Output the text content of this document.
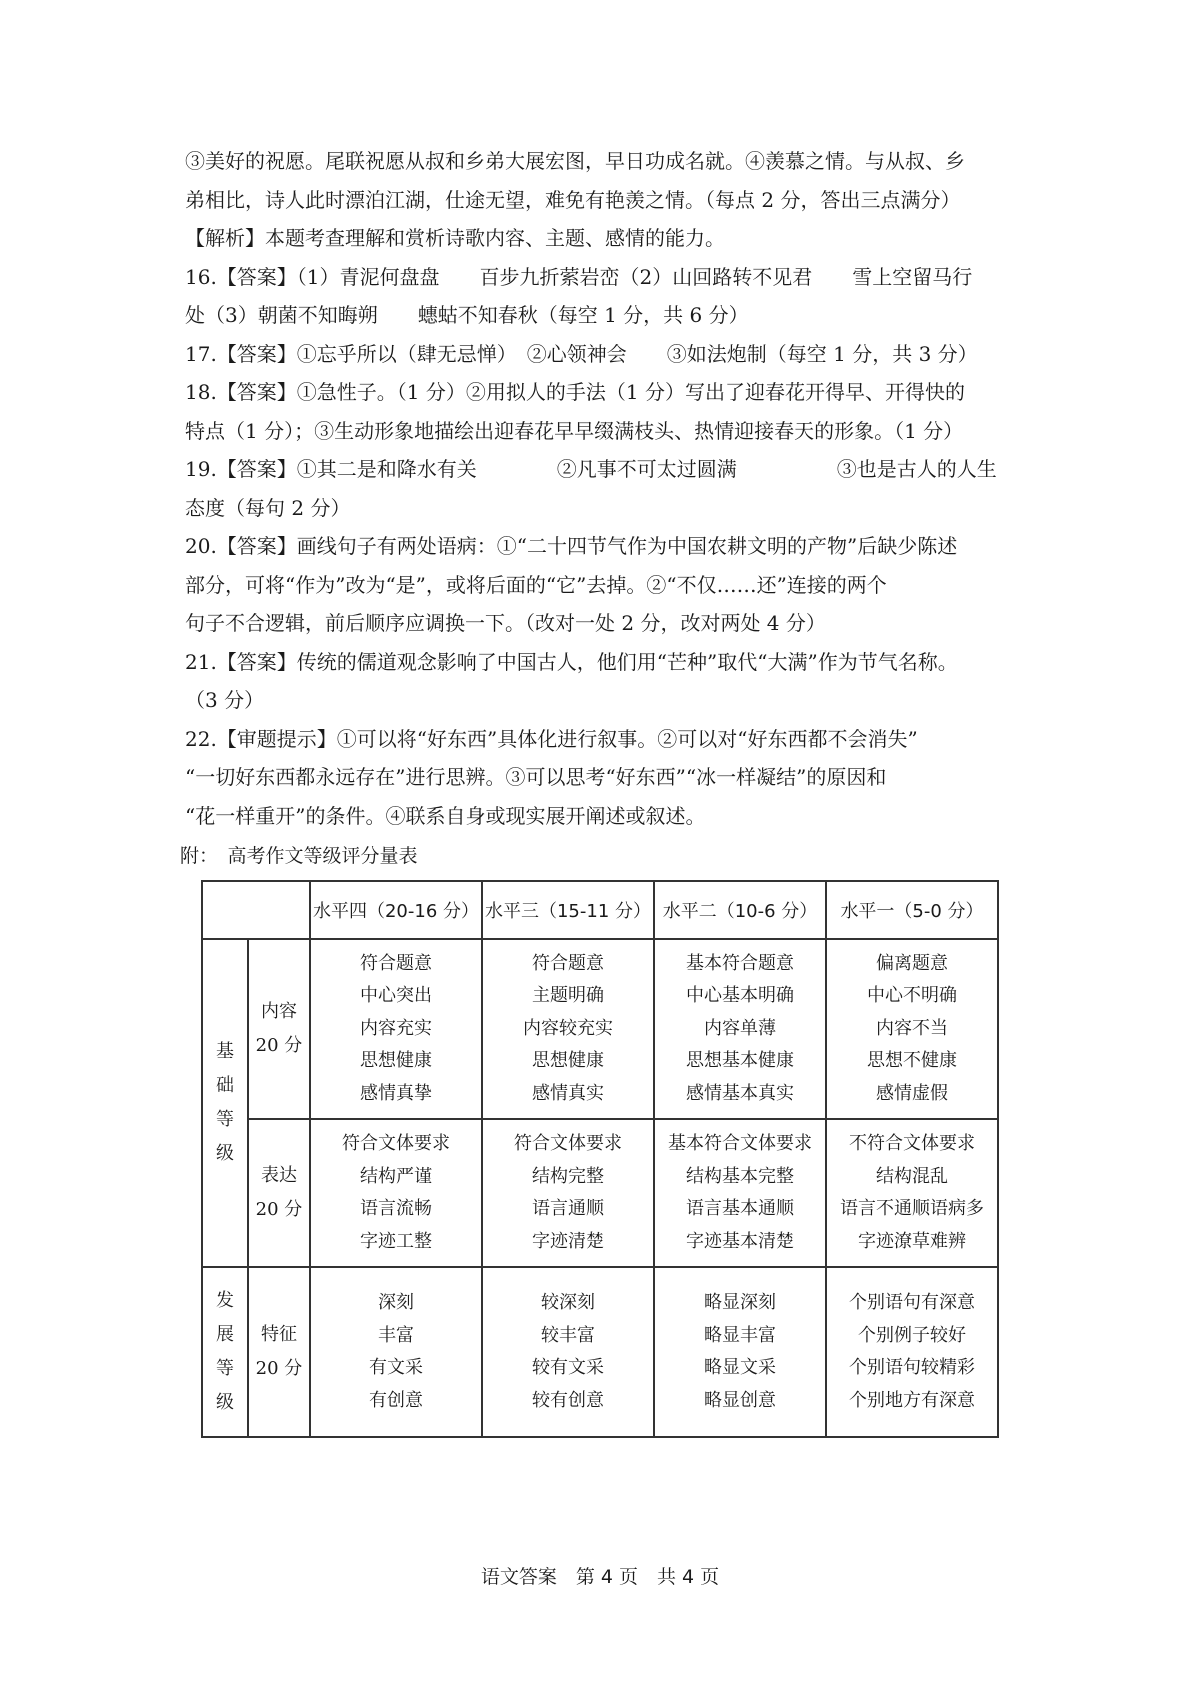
③美好的祝愿。尾联祝愿从叔和乡弟大展宏图，早日功成名就。④羡慕之情。与从叔、乡
弟相比，诗人此时漂泊江湖，仕途无望，难免有艳羡之情。（每点 2 分，答出三点满分）
【解析】本题考查理解和赏析诗歌内容、主题、感情的能力。
16.【答案】（1）青泥何盘盘　　百步九折萦岩峦（2）山回路转不见君　　雪上空留马行
处（3）朝菌不知晦朔　　蟪蛄不知春秋（每空 1 分，共 6 分）
17.【答案】①忘乎所以（肆无忌惮）　②心领神会　　③如法炮制（每空 1 分，共 3 分）
18.【答案】①急性子。（1 分）②用拟人的手法（1 分）写出了迎春花开得早、开得快的
特点（1 分）；③生动形象地描绘出迎春花早早缀满枝头、热情迎接春天的形象。（1 分）
19.【答案】①其二是和降水有关　　　　②凡事不可太过圆满　　　　　③也是古人的人生
态度（每句 2 分）
20.【答案】画线句子有两处语病：①“二十四节气作为中国农耕文明的产物”后缺少陈述
部分，可将“作为”改为“是”，或将后面的“它”去掉。②“不仅……还”连接的两个
句子不合逻辑，前后顺序应调换一下。（改对一处 2 分，改对两处 4 分）
21.【答案】传统的儒道观念影响了中国古人，他们用“芒种”取代“大满”作为节气名称。
（3 分）
22.【审题提示】①可以将“好东西”具体化进行叙事。②可以对“好东西都不会消失”
“一切好东西都永远存在”进行思辨。③可以思考“好东西”“冰一样凝结”的原因和
“花一样重开”的条件。④联系自身或现实展开阐述或叙述。
附：　高考作文等级评分量表
		水平四（20-16 分）	水平三（15-11 分）	水平二（10-6 分）	水平一（5-0 分）

基
础
等
级	内容
20 分	符合题意
中心突出
内容充实
思想健康
感情真挚	符合题意
主题明确
内容较充实
思想健康
感情真实	基本符合题意
中心基本明确
内容单薄
思想基本健康
感情基本真实	偏离题意
中心不明确
内容不当
思想不健康
感情虚假

	表达
20 分	符合文体要求
结构严谨
语言流畅
字迹工整	符合文体要求
结构完整
语言通顺
字迹清楚	基本符合文体要求
结构基本完整
语言基本通顺
字迹基本清楚	不符合文体要求
结构混乱
语言不通顺语病多
字迹潦草难辨

发
展
等
级	特征
20 分	深刻
丰富
有文采
有创意	较深刻
较丰富
较有文采
较有创意	略显深刻
略显丰富
略显文采
略显创意	个别语句有深意
个别例子较好
个别语句较精彩
个别地方有深意
语文答案　第 4 页　共 4 页
